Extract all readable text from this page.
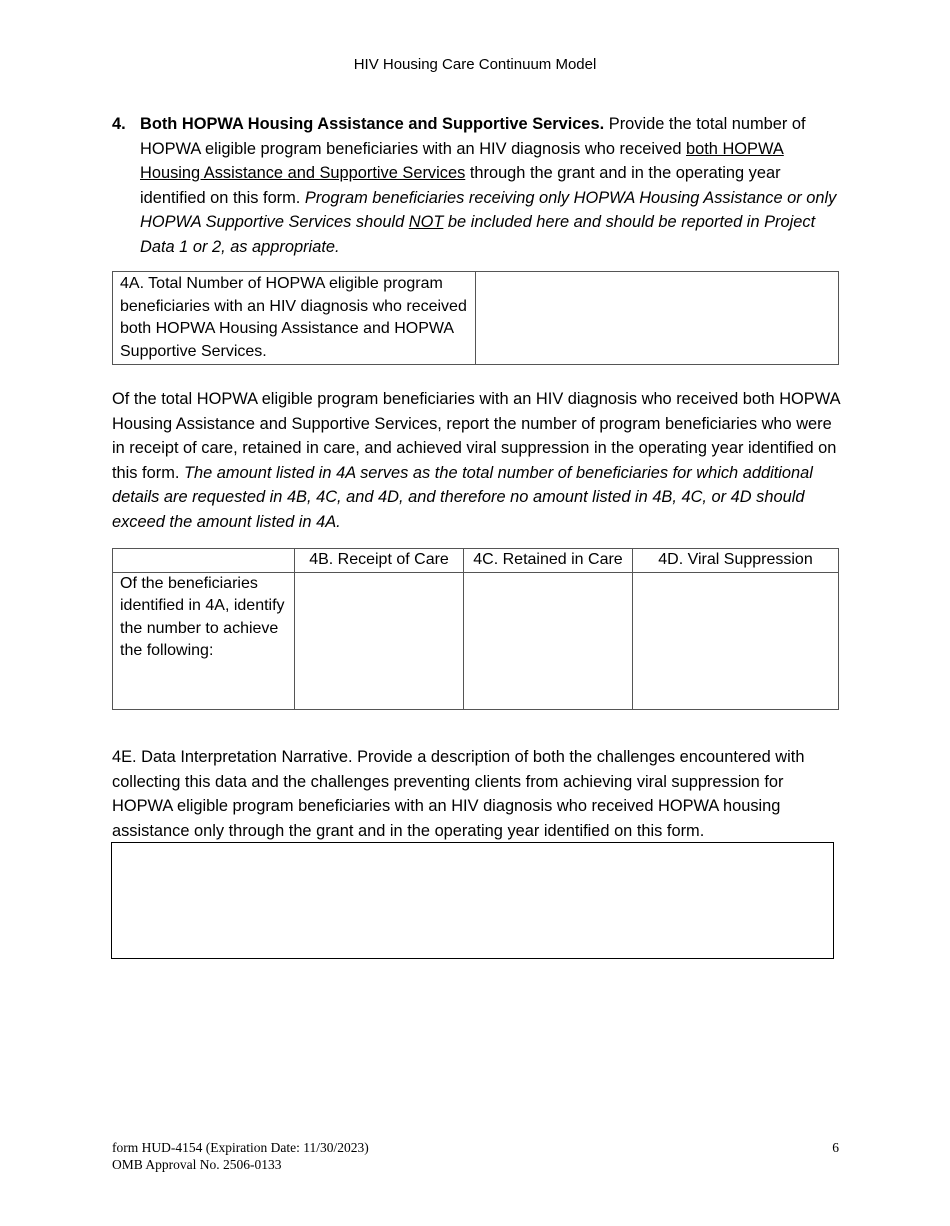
HIV Housing Care Continuum Model
4. Both HOPWA Housing Assistance and Supportive Services. Provide the total number of HOPWA eligible program beneficiaries with an HIV diagnosis who received both HOPWA Housing Assistance and Supportive Services through the grant and in the operating year identified on this form. Program beneficiaries receiving only HOPWA Housing Assistance or only HOPWA Supportive Services should NOT be included here and should be reported in Project Data 1 or 2, as appropriate.
4A. Total Number of HOPWA eligible program beneficiaries with an HIV diagnosis who received both HOPWA Housing Assistance and HOPWA Supportive Services.	
Of the total HOPWA eligible program beneficiaries with an HIV diagnosis who received both HOPWA Housing Assistance and Supportive Services, report the number of program beneficiaries who were in receipt of care, retained in care, and achieved viral suppression in the operating year identified on this form. The amount listed in 4A serves as the total number of beneficiaries for which additional details are requested in 4B, 4C, and 4D, and therefore no amount listed in 4B, 4C, or 4D should exceed the amount listed in 4A.
	4B. Receipt of Care	4C. Retained in Care	4D. Viral Suppression
Of the beneficiaries identified in 4A, identify the number to achieve the following:			
4E. Data Interpretation Narrative. Provide a description of both the challenges encountered with collecting this data and the challenges preventing clients from achieving viral suppression for HOPWA eligible program beneficiaries with an HIV diagnosis who received HOPWA housing assistance only through the grant and in the operating year identified on this form.
form HUD-4154 (Expiration Date: 11/30/2023)
OMB Approval No. 2506-0133
6
